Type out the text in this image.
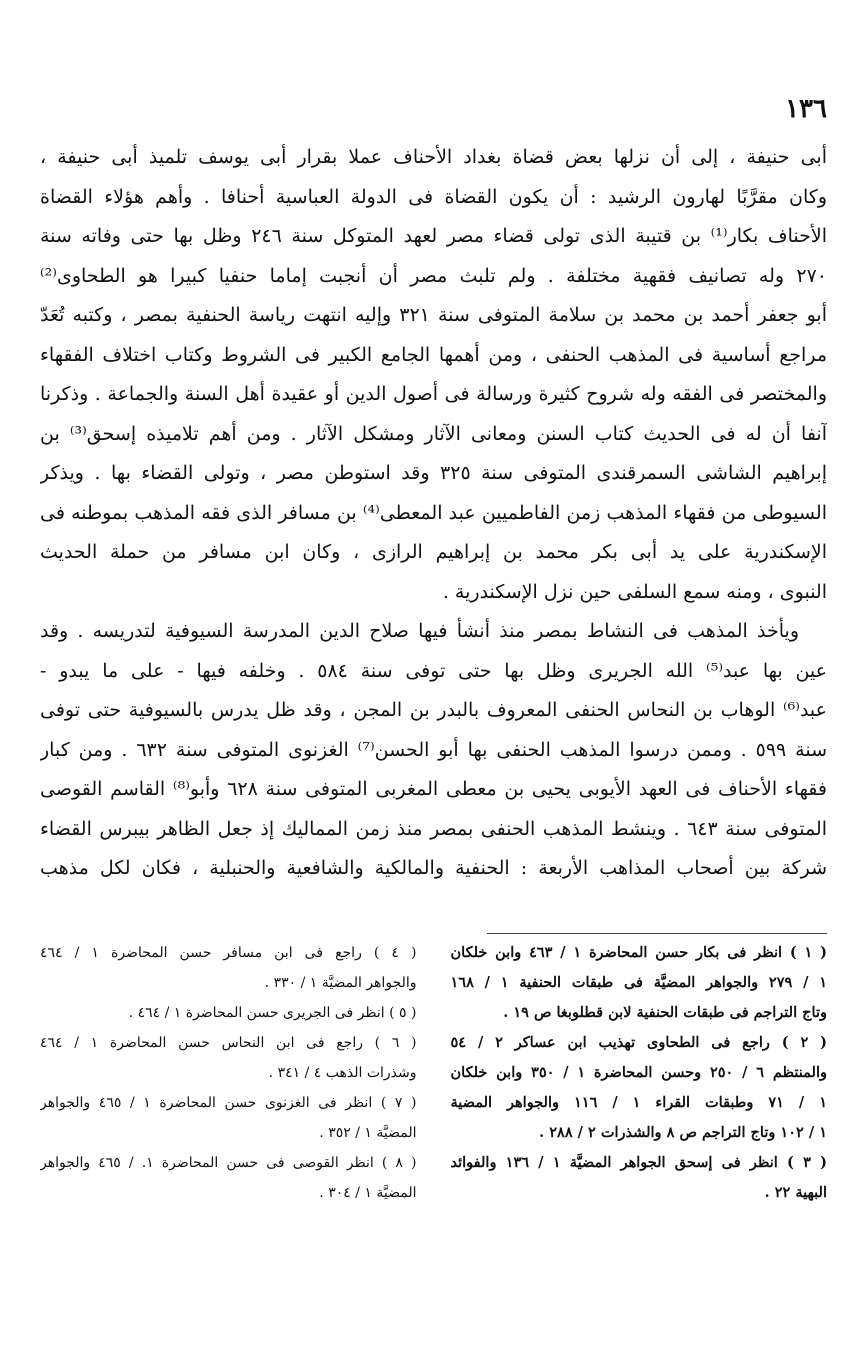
١٣٦
أبى حنيفة ، إلى أن نزلها بعض قضاة بغداد الأحناف عملا بقرار أبى يوسف تلميذ أبى حنيفة ،
وكان مقرَّبًا لهارون الرشيد : أن يكون القضاة فى الدولة العباسية أحنافا . وأهم هؤلاء القضاة
الأحناف بكار⁽¹⁾ بن قتيبة الذى تولى قضاء مصر لعهد المتوكل سنة ٢٤٦ وظل بها حتى وفاته سنة
٢٧٠ وله تصانيف فقهية مختلفة . ولم تلبث مصر أن أنجبت إماما حنفيا كبيرا هو الطحاوى⁽²⁾
أبو جعفر أحمد بن محمد بن سلامة المتوفى سنة ٣٢١ وإليه انتهت رياسة الحنفية بمصر ، وكتبه تُعَدّ
مراجع أساسية فى المذهب الحنفى ، ومن أهمها الجامع الكبير فى الشروط وكتاب اختلاف الفقهاء
والمختصر فى الفقه وله شروح كثيرة ورسالة فى أصول الدين أو عقيدة أهل السنة والجماعة . وذكرنا
آنفا أن له فى الحديث كتاب السنن ومعانى الآثار ومشكل الآثار . ومن أهم تلاميذه إسحق⁽³⁾ بن
إبراهيم الشاشى السمرقندى المتوفى سنة ٣٢٥ وقد استوطن مصر ، وتولى القضاء بها . ويذكر
السيوطى من فقهاء المذهب زمن الفاطميين عبد المعطى⁽⁴⁾ بن مسافر الذى فقه المذهب بموطنه فى
الإسكندرية على يد أبى بكر محمد بن إبراهيم الرازى ، وكان ابن مسافر من حملة الحديث
النبوى ، ومنه سمع السلفى حين نزل الإسكندرية .
ويأخذ المذهب فى النشاط بمصر منذ أنشأ فيها صلاح الدين المدرسة السيوفية لتدريسه . وقد
عين بها عبد⁽⁵⁾ الله الجريرى وظل بها حتى توفى سنة ٥٨٤ . وخلفه فيها - على ما يبدو -
عبد⁽⁶⁾ الوهاب بن النحاس الحنفى المعروف بالبدر بن المجن ، وقد ظل يدرس بالسيوفية حتى توفى
سنة ٥٩٩ . وممن درسوا المذهب الحنفى بها أبو الحسن⁽⁷⁾ الغزنوى المتوفى سنة ٦٣٢ . ومن كبار
فقهاء الأحناف فى العهد الأيوبى يحيى بن معطى المغربى المتوفى سنة ٦٢٨ وأبو⁽⁸⁾ القاسم القوصى
المتوفى سنة ٦٤٣ . وينشط المذهب الحنفى بمصر منذ زمن المماليك إذ جعل الظاهر بيبرس القضاء
شركة بين أصحاب المذاهب الأربعة : الحنفية والمالكية والشافعية والحنبلية ، فكان لكل مذهب
( ١ ) انظر فى بكار حسن المحاضرة ١ / ٤٦٣ وابن خلكان
١ / ٢٧٩ والجواهر المضيَّة فى طبقات الحنفية ١ / ١٦٨
وتاج التراجم فى طبقات الحنفية لابن قطلوبغا ص ١٩ .
( ٢ ) راجع فى الطحاوى تهذيب ابن عساكر ٢ / ٥٤
والمنتظم ٦ / ٢٥٠ وحسن المحاضرة ١ / ٣٥٠ وابن خلكان
١ / ٧١ وطبقات القراء ١ / ١١٦ والجواهر المضية
١ / ١٠٢ وتاج التراجم ص ٨ والشذرات ٢ / ٢٨٨ .
( ٣ ) انظر فى إسحق الجواهر المضيَّة ١ / ١٣٦ والفوائد
البهية ٢٢ .
( ٤ ) راجع فى ابن مسافر حسن المحاضرة ١ / ٤٦٤
والجواهر المضيَّة ١ / ٣٣٠ .
( ٥ ) انظر فى الجريرى حسن المحاضرة ١ / ٤٦٤ .
( ٦ ) راجع فى ابن النحاس حسن المحاضرة ١ / ٤٦٤
وشذرات الذهب ٤ / ٣٤١ .
( ٧ ) انظر فى الغزنوى حسن المحاضرة ١ / ٤٦٥ والجواهر
المضيَّة ١ / ٣٥٢ .
( ٨ ) انظر القوصى فى حسن المحاضرة ١. / ٤٦٥ والجواهر
المضيَّة ١ / ٣٠٤ .
